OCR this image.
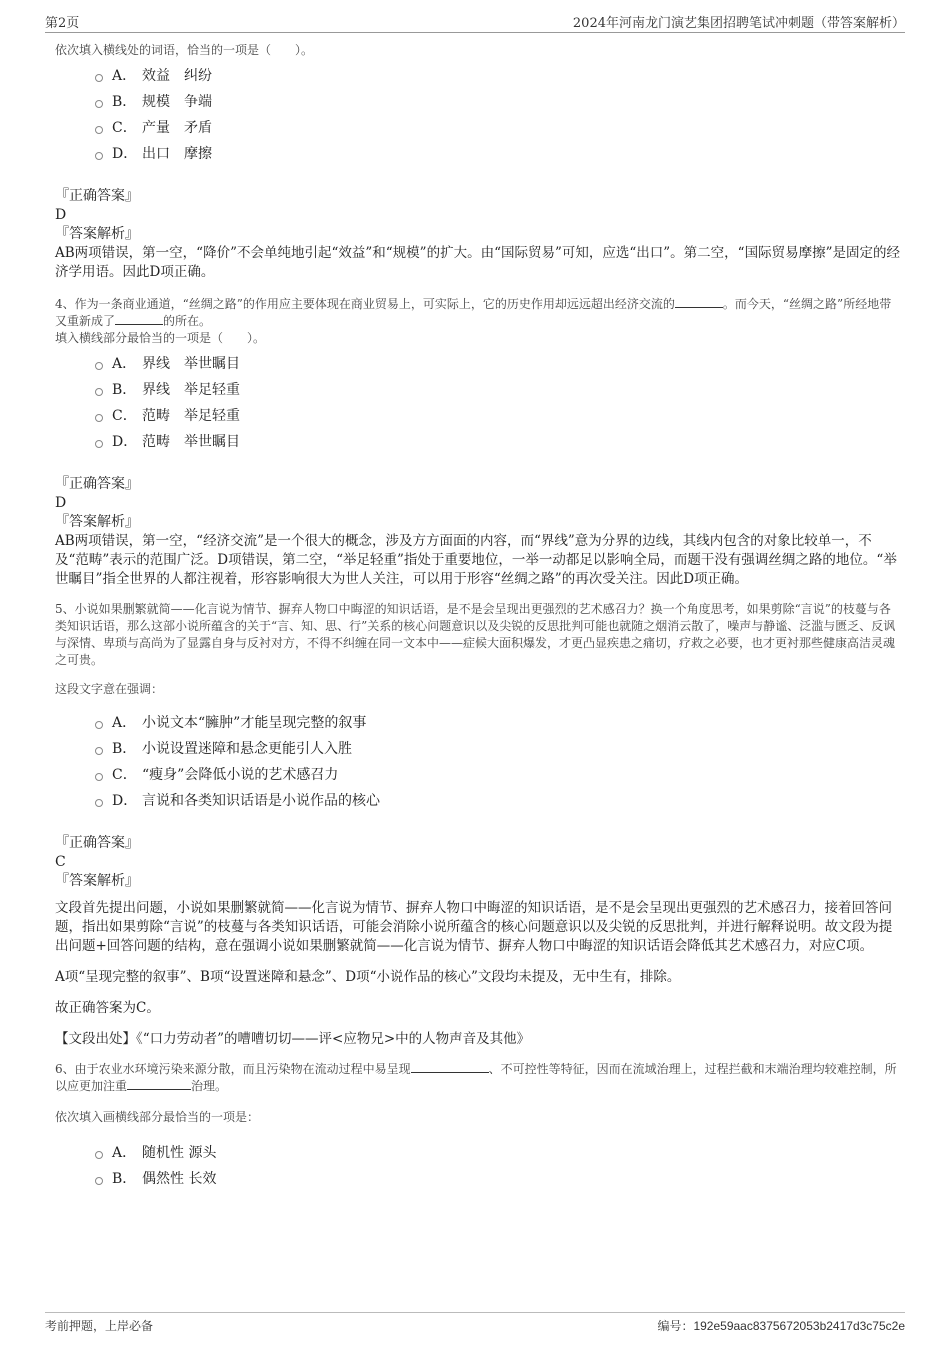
第2页	2024年河南龙门演艺集团招聘笔试冲刺题（带答案解析）
依次填入横线处的词语，恰当的一项是（　　）。
A． 效益　纠纷
B． 规模　争端
C． 产量　矛盾
D． 出口　摩擦
『正确答案』
D
『答案解析』
AB两项错误，第一空，“降价”不会单纯地引起“效益”和“规模”的扩大。由“国际贸易”可知，应选“出口”。第二空，“国际贸易摩擦”是固定的经济学用语。因此D项正确。
4、作为一条商业通道，“丝绸之路”的作用应主要体现在商业贸易上，可实际上，它的历史作用却远远超出经济交流的	。而今天，“丝绸之路”所经地带又重新成了	的所在。
填入横线部分最恰当的一项是（　　）。
A． 界线　举世瞩目
B． 界线　举足轻重
C． 范畴　举足轻重
D． 范畴　举世瞩目
『正确答案』
D
『答案解析』
AB两项错误，第一空，“经济交流”是一个很大的概念，涉及方方面面的内容，而“界线”意为分界的边线，其线内包含的对象比较单一，不及“范畴”表示的范围广泛。D项错误，第二空，“举足轻重”指处于重要地位，一举一动都足以影响全局，而题干没有强调丝绸之路的地位。“举世瞩目”指全世界的人都注视着，形容影响很大为世人关注，可以用于形容“丝绸之路”的再次受关注。因此D项正确。
5、小说如果删繁就简——化言说为情节、摒弃人物口中晦涩的知识话语，是不是会呈现出更强烈的艺术感召力？换一个角度思考，如果剪除“言说”的枝蔓与各类知识话语，那么这部小说所蕴含的关于“言、知、思、行”关系的核心问题意识以及尖锐的反思批判可能也就随之烟消云散了，噪声与静谧、泛滥与匮乏、反讽与深情、卑琐与高尚为了显露自身与反衬对方，不得不纠缠在同一文本中——症候大面积爆发，才更凸显疾患之痛切，疗救之必要，也才更衬那些健康高洁灵魂之可贵。
这段文字意在强调：
A． 小说文本“臃肿”才能呈现完整的叙事
B． 小说设置迷障和悬念更能引人入胜
C． “瘦身”会降低小说的艺术感召力
D． 言说和各类知识话语是小说作品的核心
『正确答案』
C
『答案解析』
文段首先提出问题，小说如果删繁就简——化言说为情节、摒弃人物口中晦涩的知识话语，是不是会呈现出更强烈的艺术感召力，接着回答问题，指出如果剪除“言说”的枝蔓与各类知识话语，可能会消除小说所蕴含的核心问题意识以及尖锐的反思批判，并进行解释说明。故文段为提出问题+回答问题的结构，意在强调小说如果删繁就简——化言说为情节、摒弃人物口中晦涩的知识话语会降低其艺术感召力，对应C项。
A项“呈现完整的叙事”、B项“设置迷障和悬念”、D项“小说作品的核心”文段均未提及，无中生有，排除。
故正确答案为C。
【文段出处】《“口力劳动者”的嘈嘈切切——评<应物兄>中的人物声音及其他》
6、由于农业水环境污染来源分散，而且污染物在流动过程中易呈现	、不可控性等特征，因而在流域治理上，过程拦截和末端治理均较难控制，所以应更加注重	治理。
依次填入画横线部分最恰当的一项是：
A． 随机性 源头
B． 偶然性 长效
考前押题，上岸必备	编号：192e59aac8375672053b2417d3c75c2e
